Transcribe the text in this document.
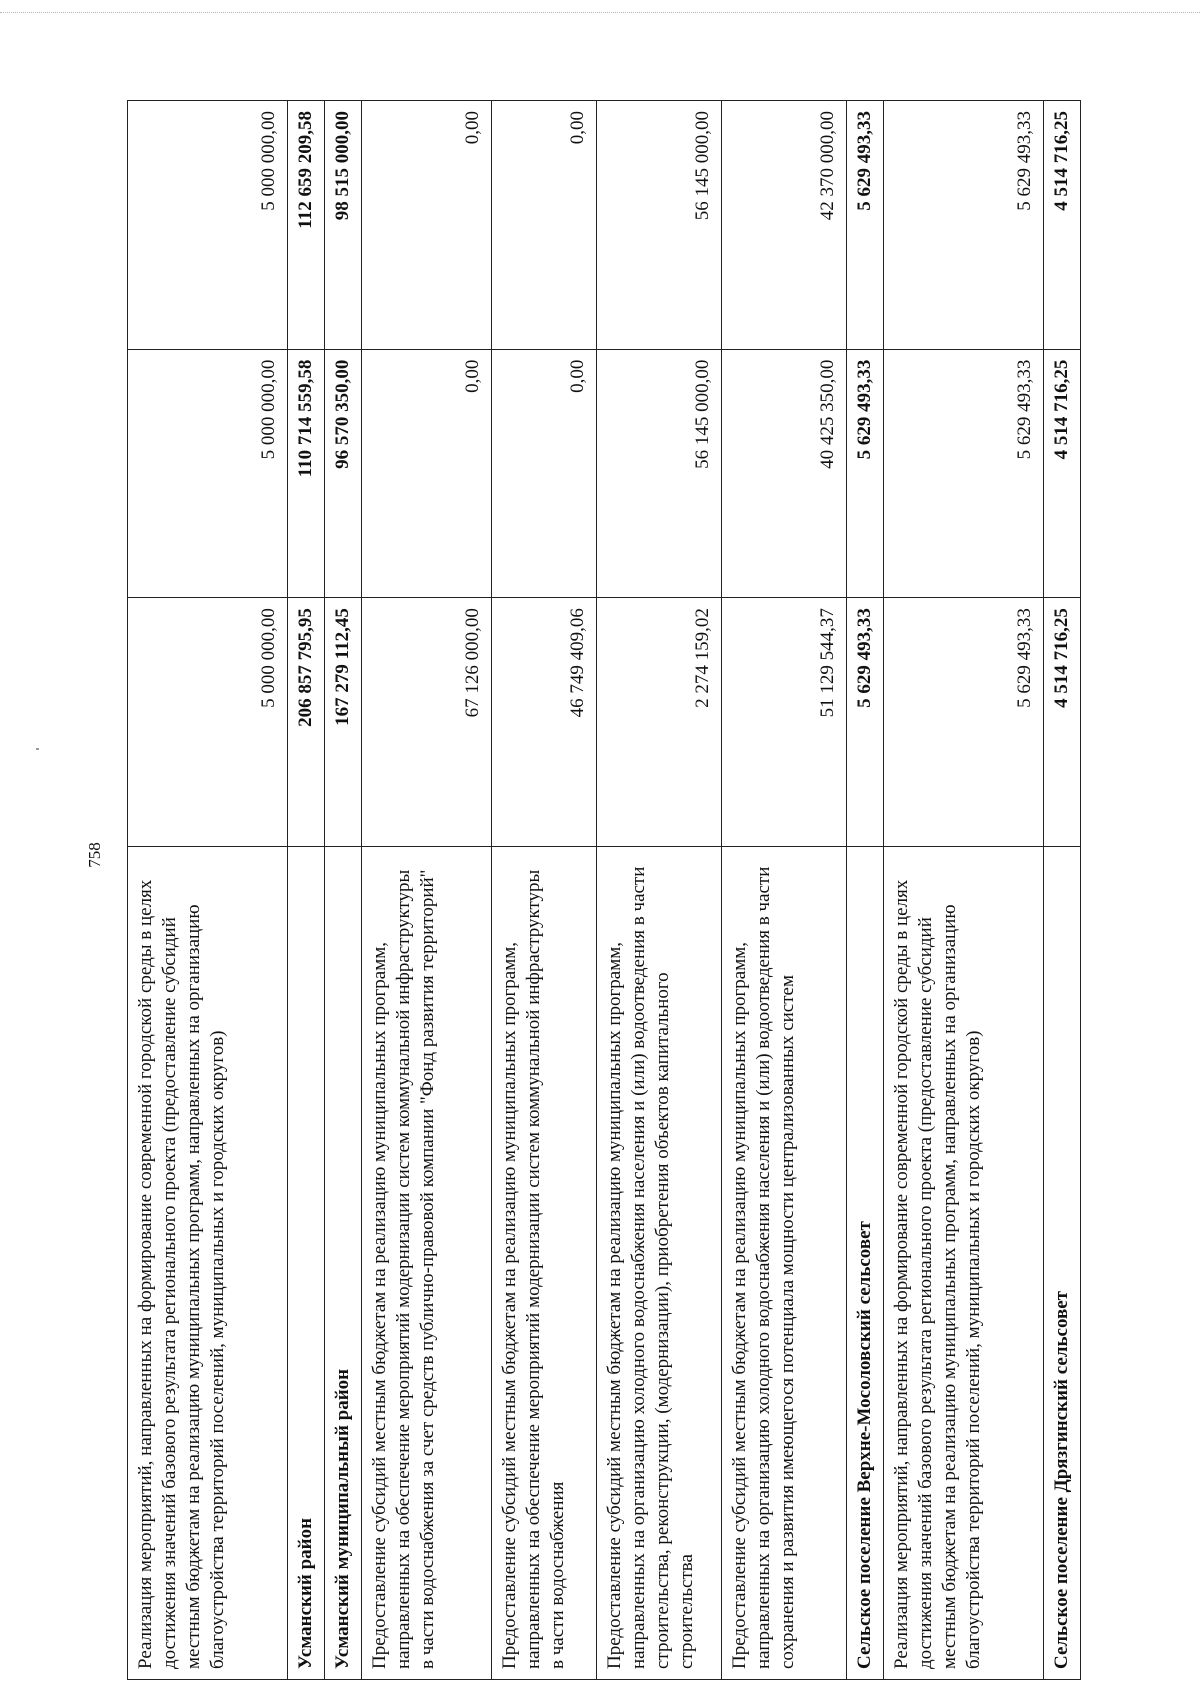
758
Реализация мероприятий, направленных на формирование современной городской среды в целях достижения значений базового результата регионального проекта (предоставление субсидий местным бюджетам на реализацию муниципальных программ, направленных на организацию благоустройства территорий поселений, муниципальных и городских округов)	5 000 000,00	5 000 000,00	5 000 000,00
Усманский район	206 857 795,95	110 714 559,58	112 659 209,58
Усманский муниципальный район	167 279 112,45	96 570 350,00	98 515 000,00
Предоставление субсидий местным бюджетам на реализацию муниципальных программ, направленных на обеспечение мероприятий модернизации систем коммунальной инфраструктуры в части водоснабжения за счет средств публично-правовой компании "Фонд развития территорий"	67 126 000,00	0,00	0,00
Предоставление субсидий местным бюджетам на реализацию муниципальных программ, направленных на обеспечение мероприятий модернизации систем коммунальной инфраструктуры в части водоснабжения	46 749 409,06	0,00	0,00
Предоставление субсидий местным бюджетам на реализацию муниципальных программ, направленных на организацию холодного водоснабжения населения и (или) водоотведения в части строительства, реконструкции, (модернизации), приобретения объектов капитального строительства	2 274 159,02	56 145 000,00	56 145 000,00
Предоставление субсидий местным бюджетам на реализацию муниципальных программ, направленных на организацию холодного водоснабжения населения и (или) водоотведения в части сохранения и развития имеющегося потенциала мощности централизованных систем	51 129 544,37	40 425 350,00	42 370 000,00
Сельское поселение Верхне-Мосоловский сельсовет	5 629 493,33	5 629 493,33	5 629 493,33
Реализация мероприятий, направленных на формирование современной городской среды в целях достижения значений базового результата регионального проекта (предоставление субсидий местным бюджетам на реализацию муниципальных программ, направленных на организацию благоустройства территорий поселений, муниципальных и городских округов)	5 629 493,33	5 629 493,33	5 629 493,33
Сельское поселение Дрязгинский сельсовет	4 514 716,25	4 514 716,25	4 514 716,25
